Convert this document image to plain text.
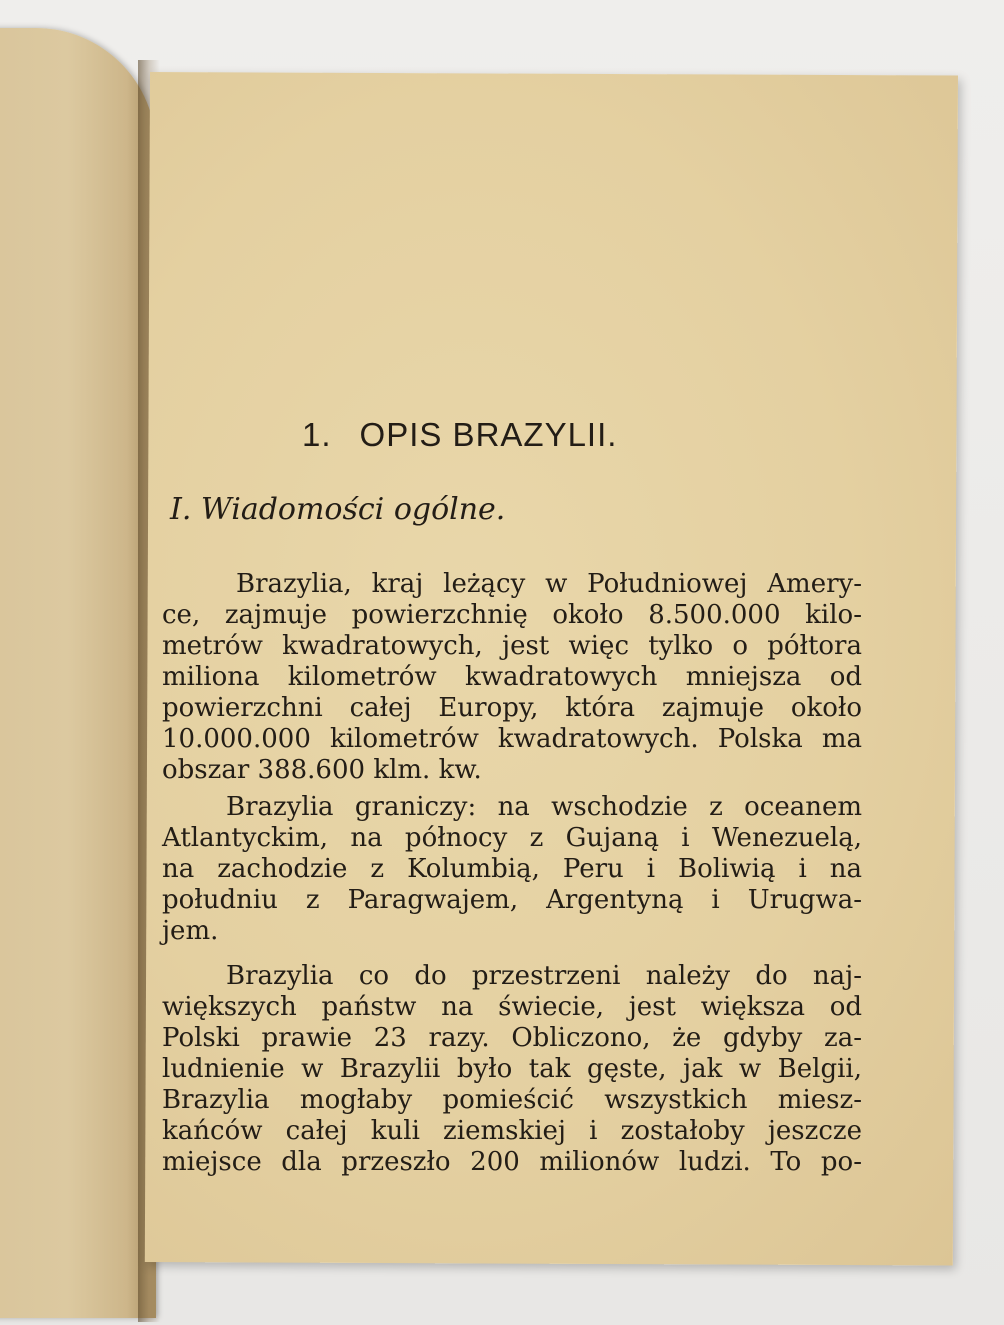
1. OPIS BRAZYLII.
I. Wiadomości ogólne.

Brazylia, kraj leżący w Południowej Amery-
ce, zajmuje powierzchnię około 8.500.000 kilo-
metrów kwadratowych, jest więc tylko o półtora
miliona kilometrów kwadratowych mniejsza od
powierzchni całej Europy, która zajmuje około
10.000.000 kilometrów kwadratowych. Polska ma
obszar 388.600 klm. kw.

Brazylia graniczy: na wschodzie z oceanem
Atlantyckim, na północy z Gujaną i Wenezuelą,
na zachodzie z Kolumbią, Peru i Boliwią i na
południu z Paragwajem, Argentyną i Urugwa-
jem.

Brazylia co do przestrzeni należy do naj-
większych państw na świecie, jest większa od
Polski prawie 23 razy. Obliczono, że gdyby za-
ludnienie w Brazylii było tak gęste, jak w Belgii,
Brazylia mogłaby pomieścić wszystkich miesz-
kańców całej kuli ziemskiej i zostałoby jeszcze
miejsce dla przeszło 200 milionów ludzi. To po-
